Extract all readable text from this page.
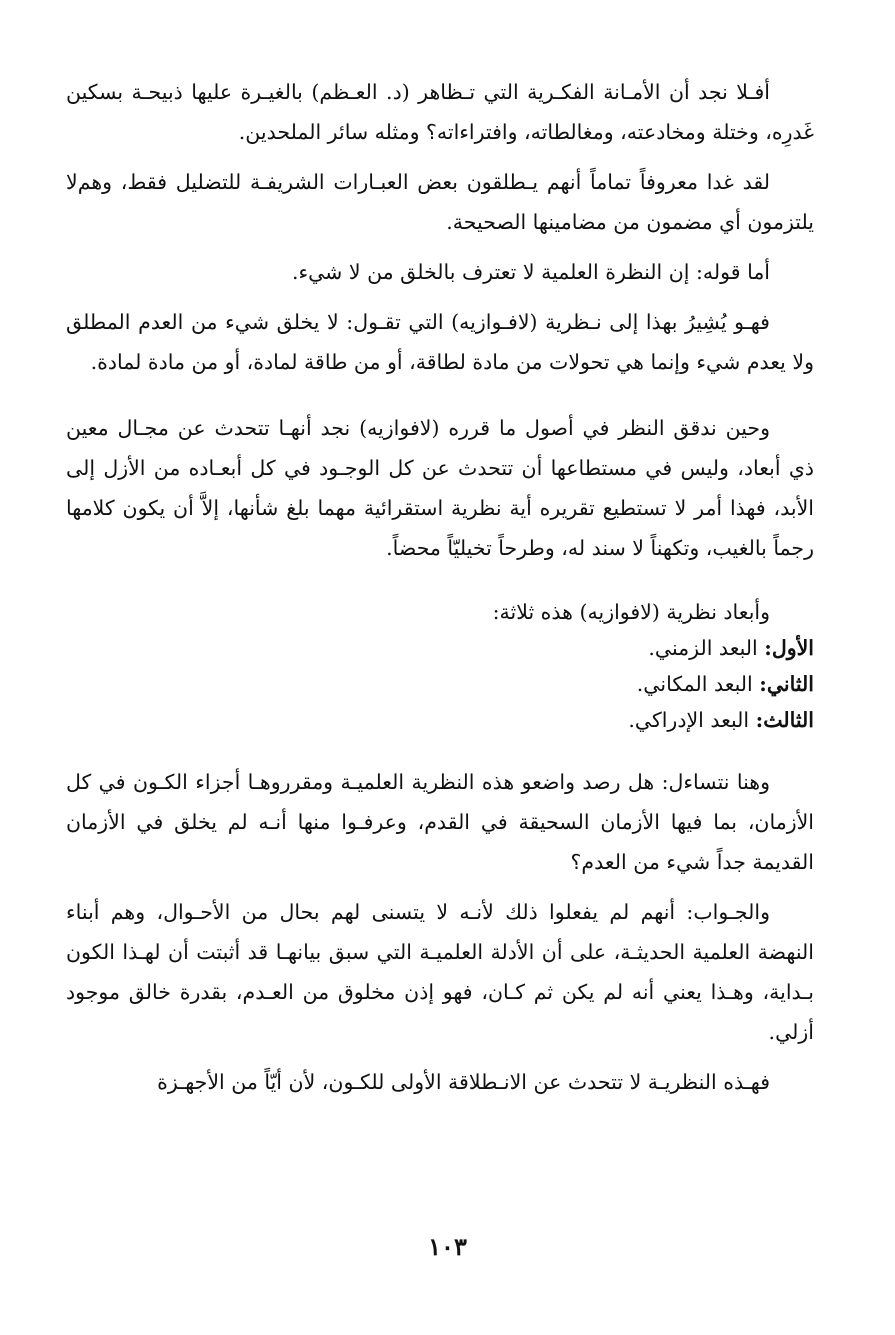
أفـلا نجد أن الأمـانة الفكـرية التي تـظاهر (د. العـظم) بالغيـرة عليها ذبيحـة بسكين غَدرِه، وختلة ومخادعته، ومغالطاته، وافتراءاته؟ ومثله سائر الملحدين.

لقد غدا معروفاً تماماً أنهم يـطلقون بعض العبـارات الشريفـة للتضليل فقط، وهم‌لا يلتزمون أي مضمون من مضامينها الصحيحة.

أما قوله: إن النظرة العلمية لا تعترف بالخلق من لا شيء.

فهـو يُشِيرُ بهذا إلى نـظرية (لافـوازيه) التي تقـول: لا يخلق شيء من العدم المطلق ولا يعدم شيء وإنما هي تحولات من مادة لطاقة، أو من طاقة لمادة، أو من مادة لمادة.

وحين ندقق النظر في أصول ما قرره (لافوازيه) نجد أنهـا تتحدث عن مجـال معين ذي أبعاد، وليس في مستطاعها أن تتحدث عن كل الوجـود في كل أبعـاده من الأزل إلى الأبد، فهذا أمر لا تستطيع تقريره أية نظرية استقرائية مهما بلغ شأنها، إلاَّ أن يكون كلامها رجماً بالغيب، وتكهناً لا سند له، وطرحاً تخيليّاً محضاً.

وأبعاد نظرية (لافوازيه) هذه ثلاثة:

الأول: البعد الزمني.
الثاني: البعد المكاني.
الثالث: البعد الإدراكي.

وهنا نتساءل: هل رصد واضعو هذه النظرية العلميـة ومقرروهـا أجزاء الكـون في كل الأزمان، بما فيها الأزمان السحيقة في القدم، وعرفـوا منها أنـه لم يخلق في الأزمان القديمة جداً شيء من العدم؟

والجـواب: أنهم لم يفعلوا ذلك لأنـه لا يتسنى لهم بحال من الأحـوال، وهم أبناء النهضة العلمية الحديثـة، على أن الأدلة العلميـة التي سبق بيانهـا قد أثبتت أن لهـذا الكون بـداية، وهـذا يعني أنه لم يكن ثم كـان، فهو إذن مخلوق من العـدم، بقدرة خالق موجود أزلي.

فهـذه النظريـة لا تتحدث عن الانـطلاقة الأولى للكـون، لأن أيّاً من الأجهـزة

١٠٣
